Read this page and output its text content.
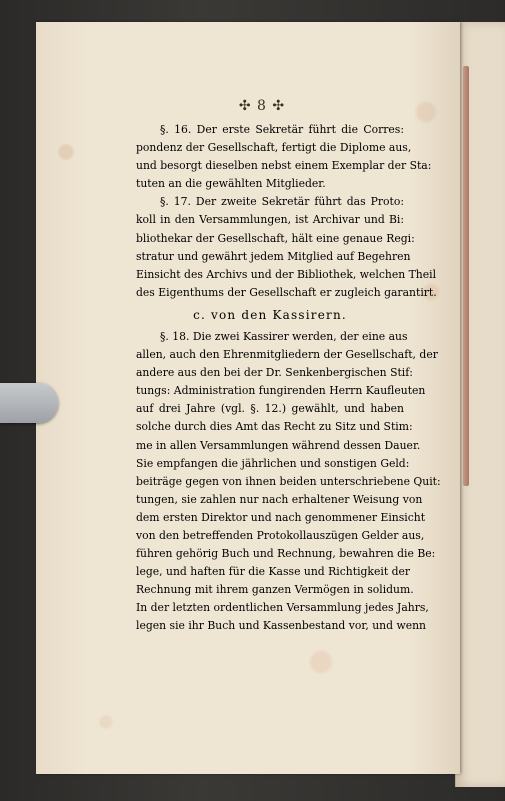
✣ 8 ✣
§. 16. Der erste Sekretär führt die Corres:
pondenz der Gesellschaft, fertigt die Diplome aus,
und besorgt dieselben nebst einem Exemplar der Sta:
tuten an die gewählten Mitglieder.
§. 17. Der zweite Sekretär führt das Proto:
koll in den Versammlungen, ist Archivar und Bi:
bliothekar der Gesellschaft, hält eine genaue Regi:
stratur und gewährt jedem Mitglied auf Begehren
Einsicht des Archivs und der Bibliothek, welchen Theil
des Eigenthums der Gesellschaft er zugleich garantirt.
c. von den Kassirern.
§. 18. Die zwei Kassirer werden, der eine aus
allen, auch den Ehrenmitgliedern der Gesellschaft, der
andere aus den bei der Dr. Senkenbergischen Stif:
tungs: Administration fungirenden Herrn Kaufleuten
auf drei Jahre (vgl. §. 12.) gewählt, und haben
solche durch dies Amt das Recht zu Sitz und Stim:
me in allen Versammlungen während dessen Dauer.
Sie empfangen die jährlichen und sonstigen Geld:
beiträge gegen von ihnen beiden unterschriebene Quit:
tungen, sie zahlen nur nach erhaltener Weisung von
dem ersten Direktor und nach genommener Einsicht
von den betreffenden Protokollauszügen Gelder aus,
führen gehörig Buch und Rechnung, bewahren die Be:
lege, und haften für die Kasse und Richtigkeit der
Rechnung mit ihrem ganzen Vermögen in solidum.
In der letzten ordentlichen Versammlung jedes Jahrs,
legen sie ihr Buch und Kassenbestand vor, und wenn
